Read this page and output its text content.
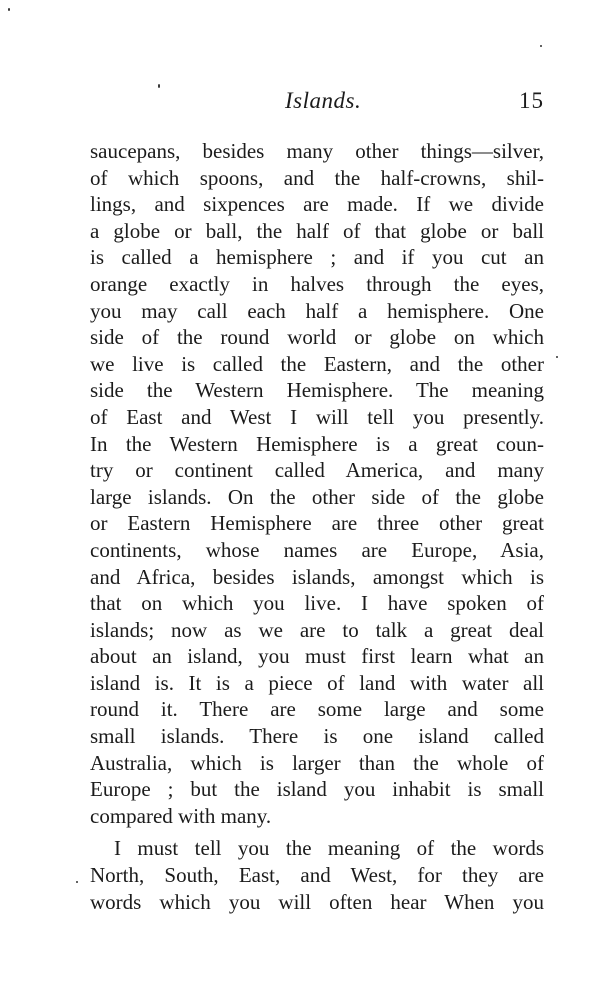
Islands.	15
saucepans, besides many other things—silver,
of which spoons, and the half-crowns, shil-
lings, and sixpences are made. If we divide
a globe or ball, the half of that globe or ball
is called a hemisphere ; and if you cut an
orange exactly in halves through the eyes,
you may call each half a hemisphere. One
side of the round world or globe on which
we live is called the Eastern, and the other
side the Western Hemisphere. The meaning
of East and West I will tell you presently.
In the Western Hemisphere is a great coun-
try or continent called America, and many
large islands. On the other side of the globe
or Eastern Hemisphere are three other great
continents, whose names are Europe, Asia,
and Africa, besides islands, amongst which is
that on which you live. I have spoken of
islands; now as we are to talk a great deal
about an island, you must first learn what an
island is. It is a piece of land with water all
round it. There are some large and some
small islands. There is one island called
Australia, which is larger than the whole of
Europe ; but the island you inhabit is small
compared with many.
I must tell you the meaning of the words
North, South, East, and West, for they are
words which you will often hear When you
